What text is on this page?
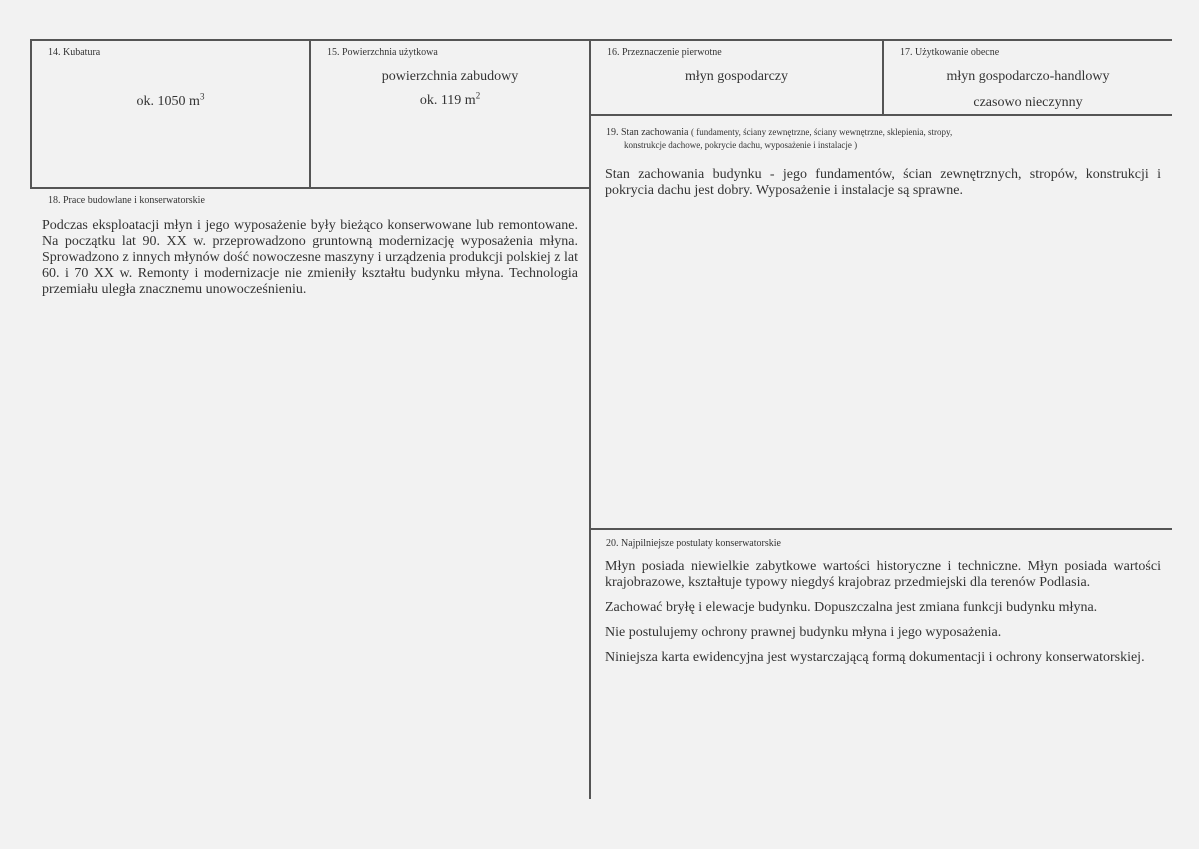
14. Kubatura
ok. 1050 $m^3$
15. Powierzchnia użytkowa
powierzchnia zabudowy
ok. 119 $m^2$
16. Przeznaczenie pierwotne
młyn gospodarczy
17. Użytkowanie obecne
młyn gospodarczo-handlowy
czasowo nieczynny
19. Stan zachowania ( fundamenty, ściany zewnętrzne, ściany wewnętrzne, sklepienia, stropy,
konstrukcje dachowe, pokrycie dachu, wyposażenie i instalacje )
Stan zachowania budynku - jego fundamentów, ścian zewnętrznych, stropów, konstrukcji i pokrycia dachu jest dobry. Wyposażenie i instalacje są sprawne.
18. Prace budowlane i konserwatorskie
Podczas eksploatacji młyn i jego wyposażenie były bieżąco konserwowane lub remontowane. Na początku lat 90. XX w. przeprowadzono gruntowną modernizację wyposażenia młyna. Sprowadzono z innych młynów dość nowoczesne maszyny i urządzenia produkcji polskiej z lat 60. i 70 XX w. Remonty i modernizacje nie zmieniły kształtu budynku młyna. Technologia przemiału uległa znacznemu unowocześnieniu.
20. Najpilniejsze postulaty konserwatorskie

Młyn posiada niewielkie zabytkowe wartości historyczne i techniczne. Młyn posiada wartości krajobrazowe, kształtuje typowy niegdyś krajobraz przedmiejski dla terenów Podlasia.

Zachować bryłę i elewacje budynku. Dopuszczalna jest zmiana funkcji budynku młyna.

Nie postulujemy ochrony prawnej budynku młyna i jego wyposażenia.

Niniejsza karta ewidencyjna jest wystarczającą formą dokumentacji i ochrony konserwatorskiej.
